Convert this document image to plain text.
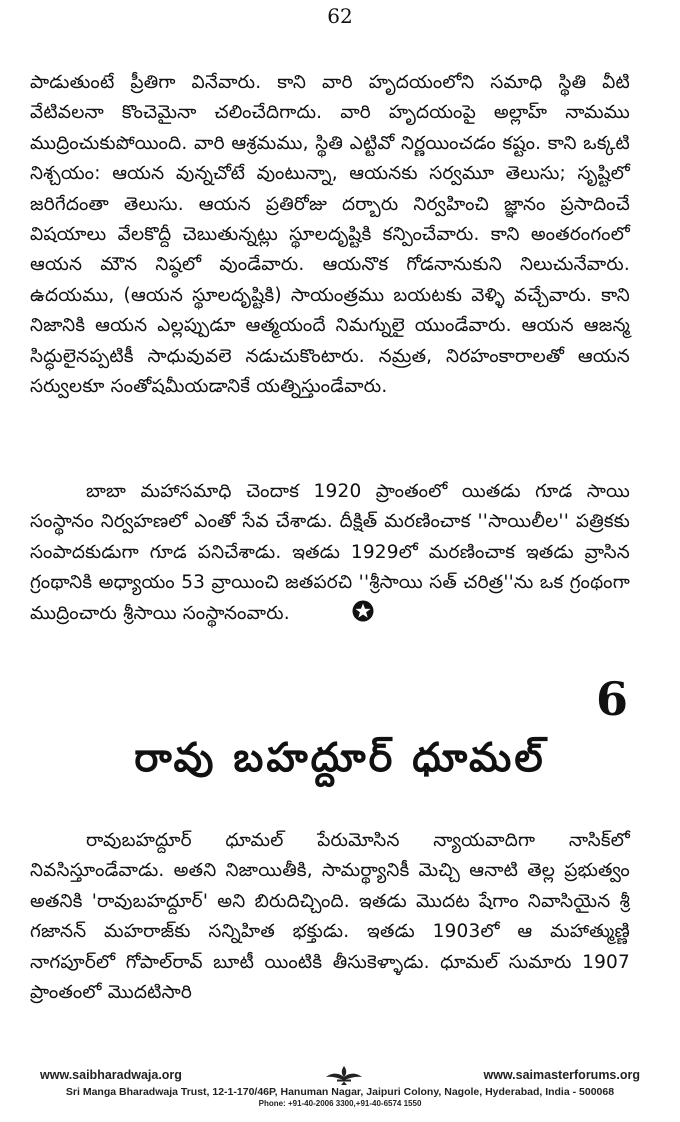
62

పాడుతుంటే ప్రీతిగా వినేవారు. కాని వారి హృదయంలోని సమాధి స్థితి వీటి వేటివలనా కొంచెమైనా చలించేదిగాదు. వారి హృదయంపై అల్లాహ్ నామము ముద్రించుకుపోయింది. వారి ఆశ్రమము, స్థితి ఎట్టివో నిర్ణయించడం కష్టం. కాని ఒక్కటి నిశ్చయం: ఆయన వున్నచోటే వుంటున్నా, ఆయనకు సర్వమూ తెలుసు; సృష్టిలో జరిగేదంతా తెలుసు. ఆయన ప్రతిరోజు దర్బారు నిర్వహించి జ్ఞానం ప్రసాదించే విషయాలు వేలకొద్దీ చెబుతున్నట్లు స్థూలదృష్టికి కన్పించేవారు. కాని అంతరంగంలో ఆయన మౌన నిష్ఠలో వుండేవారు. ఆయనొక గోడనానుకుని నిలుచునేవారు. ఉదయము, (ఆయన స్థూలదృష్టికి) సాయంత్రము బయటకు వెళ్ళి వచ్చేవారు. కాని నిజానికి ఆయన ఎల్లప్పుడూ ఆత్మయందే నిమగ్నులై యుండేవారు. ఆయన ఆజన్మ సిద్ధులైనప్పటికీ సాధువువలె నడుచుకొంటారు. నమ్రత, నిరహంకారాలతో ఆయన సర్వులకూ సంతోషమీయడానికే యత్నిస్తుండేవారు.

బాబా మహాసమాధి చెందాక 1920 ప్రాంతంలో యితడు గూడ సాయి సంస్థానం నిర్వహణలో ఎంతో సేవ చేశాడు. దీక్షిత్ మరణించాక ''సాయిలీల'' పత్రికకు సంపాదకుడుగా గూడ పనిచేశాడు. ఇతడు 1929లో మరణించాక ఇతడు వ్రాసిన గ్రంథానికి అధ్యాయం 53 వ్రాయించి జతపరచి ''శ్రీసాయి సత్ చరిత్ర''ను ఒక గ్రంథంగా ముద్రించారు శ్రీసాయి సంస్థానంవారు.

6
రావు బహద్దూర్ ధూమల్

రావుబహద్దూర్ ధూమల్ పేరుమోసిన న్యాయవాదిగా నాసిక్‌లో నివసిస్తూండేవాడు. అతని నిజాయితీకి, సామర్థ్యానికీ మెచ్చి ఆనాటి తెల్ల ప్రభుత్వం అతనికి 'రావుబహద్దూర్' అని బిరుదిచ్చింది. ఇతడు మొదట షేగాం నివాసియైన శ్రీ గజానన్ మహరాజ్‌కు సన్నిహిత భక్తుడు. ఇతడు 1903లో ఆ మహాత్ముణ్ణి నాగపూర్‌లో గోపాల్‌రావ్ బూటీ యింటికి తీసుకెళ్ళాడు. ధూమల్ సుమారు 1907 ప్రాంతంలో మొదటిసారి

www.saibharadwaja.org	www.saimasterforums.org
Sri Manga Bharadwaja Trust, 12-1-170/46P, Hanuman Nagar, Jaipuri Colony, Nagole, Hyderabad, India - 500068
Phone: +91-40-2006 3300,+91-40-6574 1550
